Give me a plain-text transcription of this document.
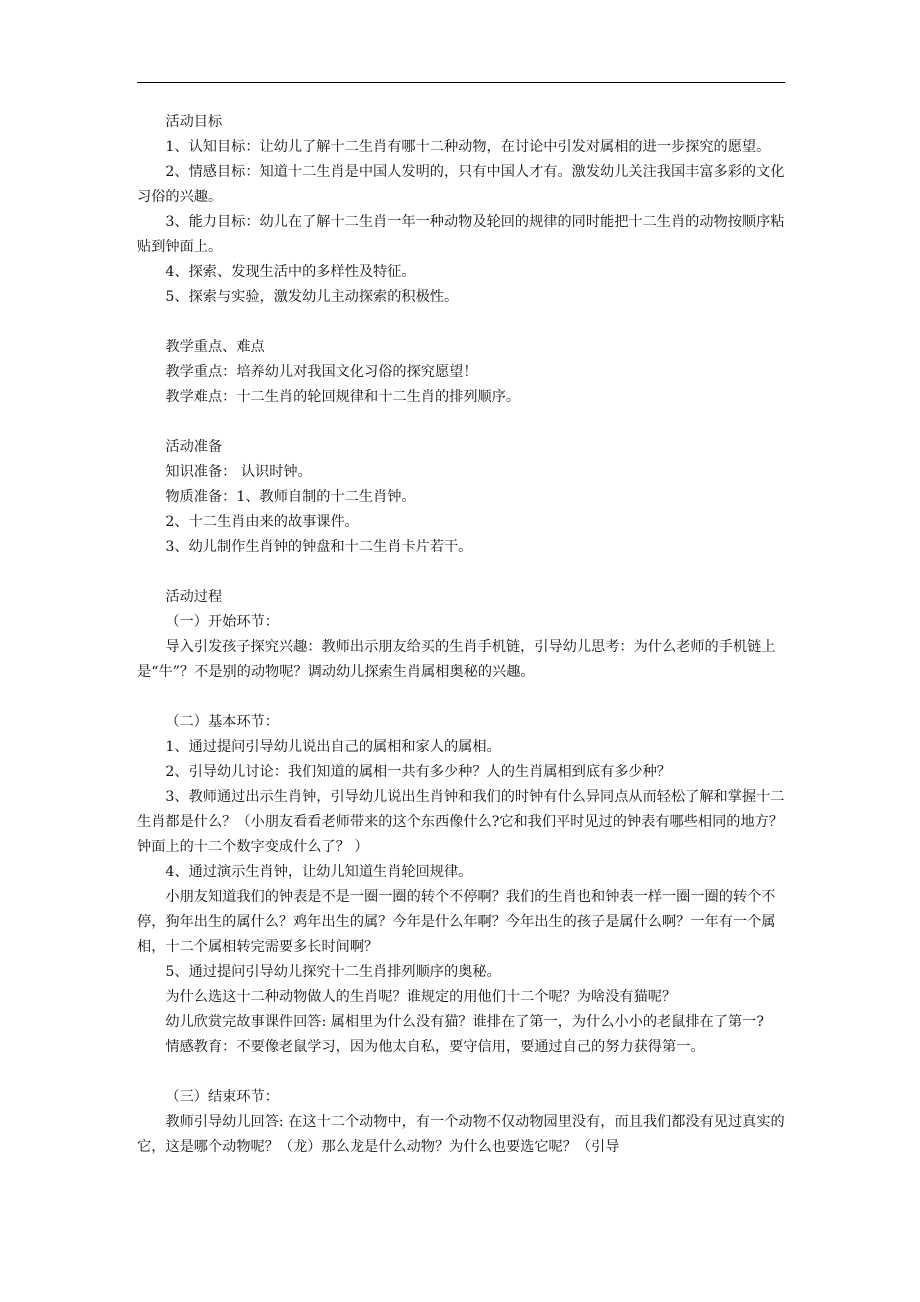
活动目标

1、认知目标：让幼儿了解十二生肖有哪十二种动物，在讨论中引发对属相的进一步探究的愿望。

2、情感目标：知道十二生肖是中国人发明的，只有中国人才有。激发幼儿关注我国丰富多彩的文化习俗的兴趣。

3、能力目标：幼儿在了解十二生肖一年一种动物及轮回的规律的同时能把十二生肖的动物按顺序粘贴到钟面上。

4、探索、发现生活中的多样性及特征。

5、探索与实验，激发幼儿主动探索的积极性。

教学重点、难点

教学重点：培养幼儿对我国文化习俗的探究愿望！

教学难点：十二生肖的轮回规律和十二生肖的排列顺序。

活动准备

知识准备： 认识时钟。

物质准备：1、教师自制的十二生肖钟。

2、十二生肖由来的故事课件。

3、幼儿制作生肖钟的钟盘和十二生肖卡片若干。

活动过程

（一）开始环节：

导入引发孩子探究兴趣：教师出示朋友给买的生肖手机链，引导幼儿思考：为什么老师的手机链上是“牛”？不是别的动物呢？调动幼儿探索生肖属相奥秘的兴趣。

（二）基本环节：

1、通过提问引导幼儿说出自己的属相和家人的属相。

2、引导幼儿讨论：我们知道的属相一共有多少种？人的生肖属相到底有多少种？

3、教师通过出示生肖钟，引导幼儿说出生肖钟和我们的时钟有什么异同点从而轻松了解和掌握十二生肖都是什么？（小朋友看看老师带来的这个东西像什么?它和我们平时见过的钟表有哪些相同的地方？钟面上的十二个数字变成什么了？ ）

4、通过演示生肖钟，让幼儿知道生肖轮回规律。

小朋友知道我们的钟表是不是一圈一圈的转个不停啊？我们的生肖也和钟表一样一圈一圈的转个不停，狗年出生的属什么？鸡年出生的属？今年是什么年啊？今年出生的孩子是属什么啊？一年有一个属相，十二个属相转完需要多长时间啊？

5、通过提问引导幼儿探究十二生肖排列顺序的奥秘。

为什么选这十二种动物做人的生肖呢？谁规定的用他们十二个呢？为啥没有猫呢？

幼儿欣赏完故事课件回答: 属相里为什么没有猫？谁排在了第一，为什么小小的老鼠排在了第一?

情感教育：不要像老鼠学习，因为他太自私，要守信用，要通过自己的努力获得第一。

（三）结束环节：

教师引导幼儿回答: 在这十二个动物中，有一个动物不仅动物园里没有，而且我们都没有见过真实的它，这是哪个动物呢？（龙）那么龙是什么动物？为什么也要选它呢？（引导
